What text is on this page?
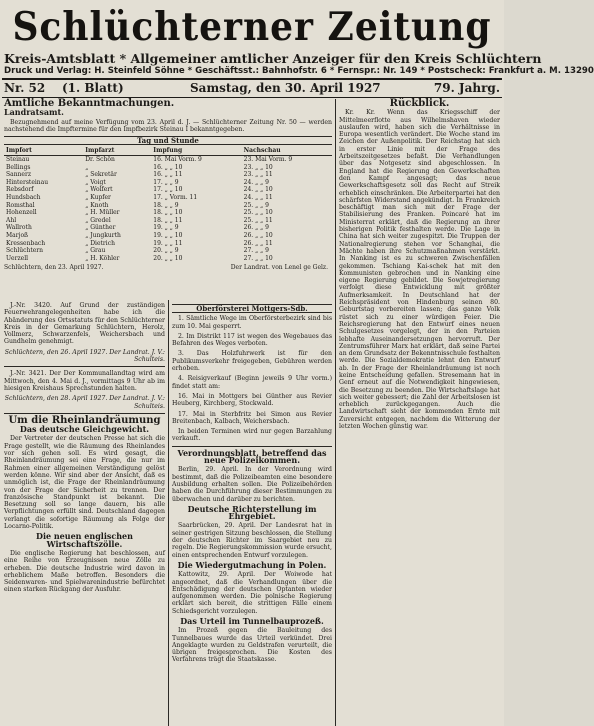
Schlüchterner Zeitung
Kreis-Amtsblatt * Allgemeiner amtlicher Anzeiger für den Kreis Schlüchtern
Druck und Verlag: H. Steinfeld Söhne * Geschäftsst.: Bahnhofstr. 6 * Fernspr.: Nr. 149 * Postscheck: Frankfurt a. M. 13290
Nr. 52 (1. Blatt)	Samstag, den 30. April 1927	79. Jahrg.
Amtliche Bekanntmachungen.
Landratsamt.

Bezugnehmend auf meine Verfügung vom 23. April d. J. — Schlüchterner Zeitung Nr. 50 — werden nachstehend die Impftermine für den Impfbezirk Steinau I bekanntgegeben.

Tag und Stunde
Impfort	Impfarzt	Impfung	Nachschau
Steinau	Dr. Schön	16. Mai Vorm. 9	23. Mai Vorm. 9
Bellings	„	16. „ „ 10	23. „ „ 10
Sannerz	„ Sekretär	16. „ „ 11	23. „ „ 11
Hintersteinau	„ Voigt	17. „ „ 9	24. „ „ 9
Rebsdorf	„ Wolfert	17. „ „ 10	24. „ „ 10
Hundsbach	„ Kupfer	17. „ Vorm. 11	24. „ „ 11
Romsthal	„ Knoth	18. „ „ 9	25. „ „ 9
Hohenzell	„ H. Müller	18. „ „ 10	25. „ „ 10
Ahl	„ Gredel	18. „ „ 11	25. „ „ 11
Wallroth	„ Günther	19. „ „ 9	26. „ „ 9
Marjoß	„ Jungkurth	19. „ „ 10	26. „ „ 10
Kressenbach	„ Dietrich	19. „ „ 11	26. „ „ 11
Schlüchtern	„ Grau	20. „ „ 9	27. „ „ 9
Uerzell	„ H. Köhler	20. „ „ 10	27. „ „ 10
Schlüchtern, den 23. April 1927.	Der Landrat. von Lenel ge Gelz.

J.-Nr. 3420. Auf Grund der zuständigen Feuerwehrangelegenheiten habe ich die Abänderung des Ortsstatuts für den Schlüchterner Kreis in der Gemarkung Schlüchtern, Herolz, Vollmerz, Schwarzenfels, Weichersbach und Gundhelm genehmigt.

Schlüchtern, den 26. April 1927. Der Landrat. J. V.: Schulteis.

J.-Nr. 3421. Der Der Kommunallandtag wird am Mittwoch, den 4. Mai d. J., vormittags 9 Uhr ab im hiesigen Kreishaus Sprechstunden halten.

Schlüchtern, den 28. April 1927. Der Landrat. J. V.: Schulteis.
Um die Rheinlandräumung
Das deutsche Gleichgewicht.

Der Vertreter der deutschen Presse hat sich die Frage gestellt, wie die Räumung des Rheinlandes vor sich gehen soll. Es wird gesagt, die Rheinlandräumung sei eine Frage, die nur im Rahmen einer allgemeinen Verständigung gelöst werden könne. Wir sind aber der Ansicht, daß es unmöglich ist, die Frage der Rheinlandräumung von der Frage der Sicherheit zu trennen. Der französische Standpunkt ist bekannt. Die Besetzung soll so lange dauern, bis alle Verpflichtungen erfüllt sind. Deutschland dagegen verlangt die sofortige Räumung als Folge der Locarno-Politik.

Die neuen englischen Wirtschaftszölle.

Die englische Regierung hat beschlossen, auf eine Reihe von Erzeugnissen neue Zölle zu erheben. Die deutsche Industrie wird davon in erheblichem Maße betroffen. Besonders die Seidenwaren- und Spielwarenindustrie befürchtet einen starken Rückgang der Ausfuhr.

Oberförsterei Mottgers-Sdb.

1. Sämtliche Wege im Oberförsterbezirk sind bis zum 10. Mai gesperrt.

2. Im Distrikt 117 ist wegen des Wegebaues das Befahren des Weges verboten.

3. Das Holzfuhrwerk ist für den Publikumsverkehr freigegeben, Gebühren werden erhoben.

4. Reisigverkauf (Beginn jeweils 9 Uhr vorm.) findet statt am:

16. Mai in Mottgers bei Günther aus Revier Heuberg, Kirchberg, Stockwald.

17. Mai in Sterbfritz bei Simon aus Revier Breitenbach, Kalbach, Weichersbach.

In beiden Terminen wird nur gegen Barzahlung verkauft.

Verordnungsblatt, betreffend das neue Polizeikommen.

Berlin, 29. April. In der Verordnung wird bestimmt, daß die Polizeibeamten eine besondere Ausbildung erhalten sollen. Die Polizeibehörden haben die Durchführung dieser Bestimmungen zu überwachen und darüber zu berichten.

Deutsche Richterstellung im Ehrgebiet.

Saarbrücken, 29. April. Der Landesrat hat in seiner gestrigen Sitzung beschlossen, die Stellung der deutschen Richter im Saargebiet neu zu regeln. Die Regierungskommission wurde ersucht, einen entsprechenden Entwurf vorzulegen.

Die Wiedergutmachung in Polen.

Kattowitz, 29. April. Der Woiwode hat angeordnet, daß die Verhandlungen über die Entschädigung der deutschen Optanten wieder aufgenommen werden. Die polnische Regierung erklärt sich bereit, die strittigen Fälle einem Schiedsgericht vorzulegen.

Das Urteil im Tunnelbauprozeß.

Im Prozeß gegen die Bauleitung des Tunnelbaues wurde das Urteil verkündet. Drei Angeklagte wurden zu Geldstrafen verurteilt, die übrigen freigesprochen. Die Kosten des Verfahrens trägt die Staatskasse.

Rückblick.

Kr. Kr. Wenn das Kriegsschiff der Mittelmeerflotte aus Wilhelmshaven wieder auslaufen wird, haben sich die Verhältnisse in Europa wesentlich verändert. Die Woche stand im Zeichen der Außenpolitik. Der Reichstag hat sich in erster Linie mit der Frage des Arbeitszeitgesetzes befaßt. Die Verhandlungen über das Notgesetz sind abgeschlossen. In England hat die Regierung den Gewerkschaften den Kampf angesagt; das neue Gewerkschaftsgesetz soll das Recht auf Streik erheblich einschränken. Die Arbeiterpartei hat den schärfsten Widerstand angekündigt. In Frankreich beschäftigt man sich mit der Frage der Stabilisierung des Franken. Poincaré hat im Ministerrat erklärt, daß die Regierung an ihrer bisherigen Politik festhalten werde. Die Lage in China hat sich weiter zugespitzt. Die Truppen der Nationalregierung stehen vor Schanghai, die Mächte haben ihre Schutzmaßnahmen verstärkt. In Nanking ist es zu schweren Zwischenfällen gekommen. Tschiang Kai-schek hat mit den Kommunisten gebrochen und in Nanking eine eigene Regierung gebildet. Die Sowjetregierung verfolgt diese Entwicklung mit größter Aufmerksamkeit. In Deutschland hat der Reichspräsident von Hindenburg seinen 80. Geburtstag vorbereiten lassen; das ganze Volk rüstet sich zu einer würdigen Feier. Die Reichsregierung hat den Entwurf eines neuen Schulgesetzes vorgelegt, der in den Parteien lebhafte Auseinandersetzungen hervorruft. Der Zentrumsführer Marx hat erklärt, daß seine Partei an dem Grundsatz der Bekenntnisschule festhalten werde. Die Sozialdemokratie lehnt den Entwurf ab. In der Frage der Rheinlandräumung ist noch keine Entscheidung gefallen. Stresemann hat in Genf erneut auf die Notwendigkeit hingewiesen, die Besetzung zu beenden. Die Wirtschaftslage hat sich weiter gebessert; die Zahl der Arbeitslosen ist erheblich zurückgegangen. Auch die Landwirtschaft sieht der kommenden Ernte mit Zuversicht entgegen, nachdem die Witterung der letzten Wochen günstig war.
